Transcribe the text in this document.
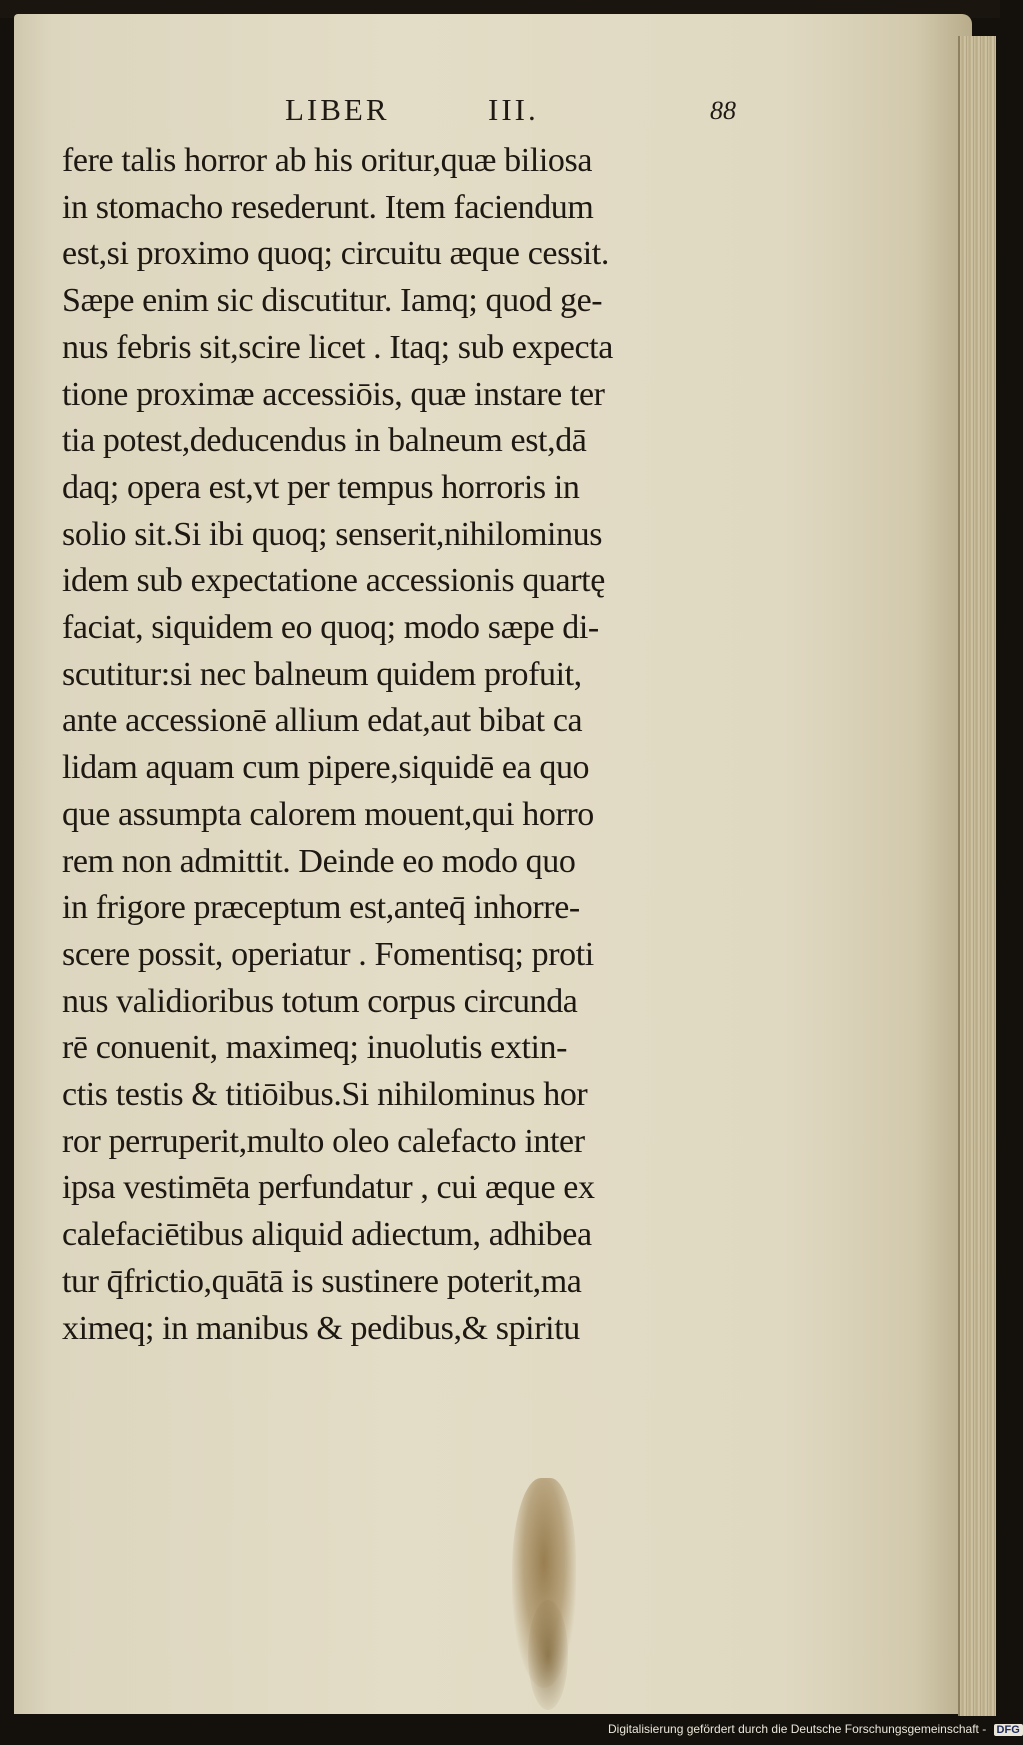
LIBER	III.	88
fere talis horror ab his oritur,quæ biliosa
in stomacho resederunt. Item faciendum
est,si proximo quoq; circuitu æque cessit.
Sæpe enim sic discutitur. Iamq; quod ge-
nus febris sit,scire licet . Itaq; sub expecta
tione proximæ accessiōis, quæ instare ter
tia potest,deducendus in balneum est,dā
daq; opera est,vt per tempus horroris in
solio sit.Si ibi quoq; senserit,nihilominus
idem sub expectatione accessionis quartę
faciat, siquidem eo quoq; modo sæpe di-
scutitur:si nec balneum quidem profuit,
ante accessionē allium edat,aut bibat ca
lidam aquam cum pipere,siquidē ea quo
que assumpta calorem mouent,qui horro
rem non admittit. Deinde eo modo quo
in frigore præceptum est,anteq̄ inhorre-
scere possit, operiatur . Fomentisq; proti
nus validioribus totum corpus circunda
rē conuenit, maximeq; inuolutis extin-
ctis testis & titiōibus.Si nihilominus hor
ror perruperit,multo oleo calefacto inter
ipsa vestimēta perfundatur , cui æque ex
calefaciētibus aliquid adiectum, adhibea
tur q̄frictio,quātā is sustinere poterit,ma
ximeq; in manibus & pedibus,& spiritu
Digitalisierung gefördert durch die Deutsche Forschungsgemeinschaft - DFG
